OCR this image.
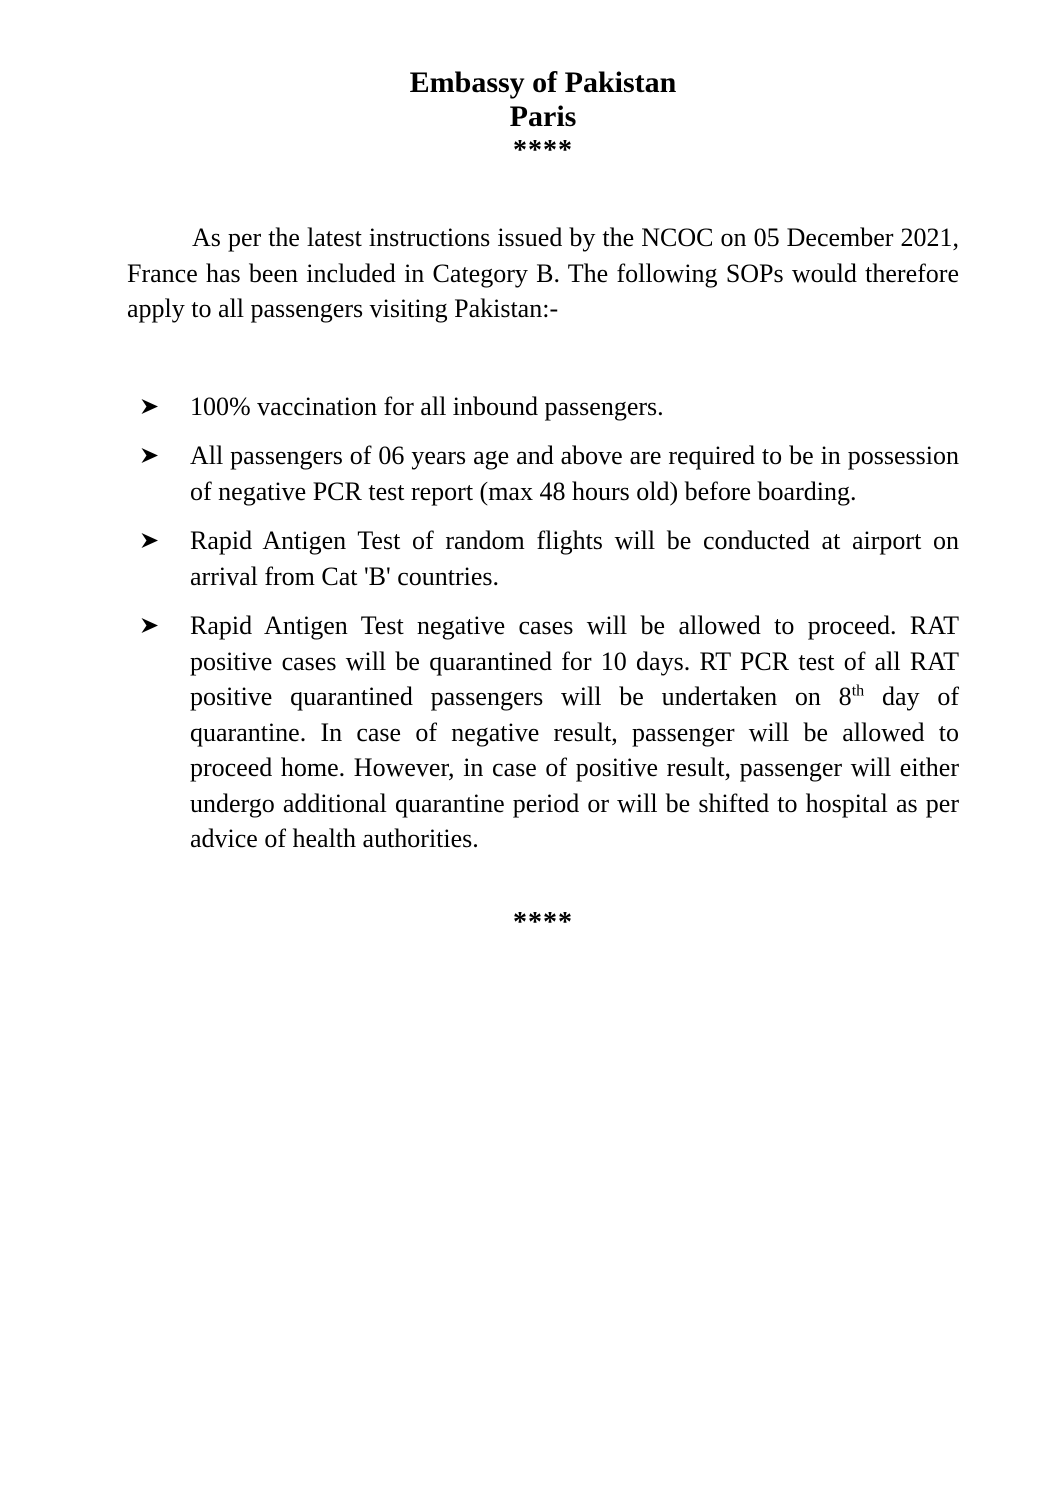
Embassy of Pakistan
Paris
****

As per the latest instructions issued by the NCOC on 05 December 2021, France has been included in Category B. The following SOPs would therefore apply to all passengers visiting Pakistan:-

100% vaccination for all inbound passengers.
All passengers of 06 years age and above are required to be in possession of negative PCR test report (max 48 hours old) before boarding.
Rapid Antigen Test of random flights will be conducted at airport on arrival from Cat 'B' countries.
Rapid Antigen Test negative cases will be allowed to proceed. RAT positive cases will be quarantined for 10 days. RT PCR test of all RAT positive quarantined passengers will be undertaken on 8th day of quarantine. In case of negative result, passenger will be allowed to proceed home. However, in case of positive result, passenger will either undergo additional quarantine period or will be shifted to hospital as per advice of health authorities.
****
